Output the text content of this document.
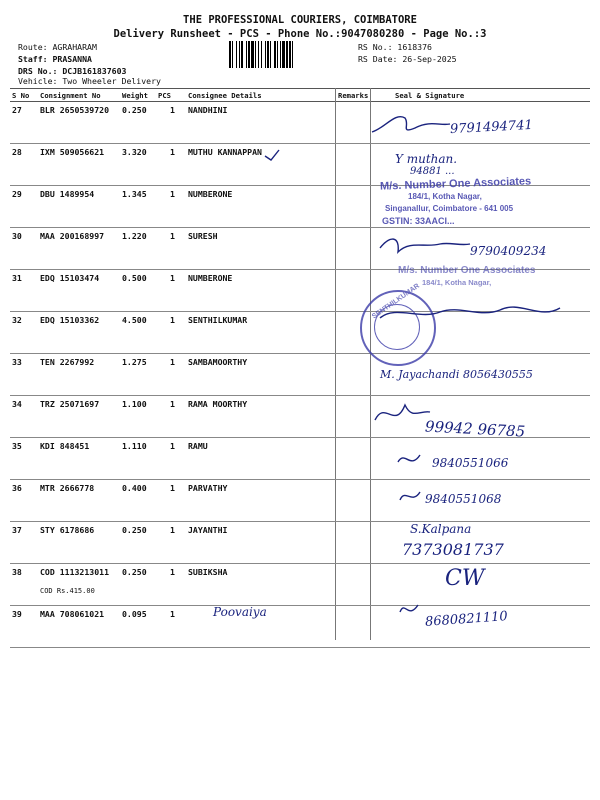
THE PROFESSIONAL COURIERS, COIMBATORE
Delivery Runsheet - PCS - Phone No.:9047080280 - Page No.:3
Route: AGRAHARAM
Staff: PRASANNA
DRS No.: DCJB161837603
Vehicle: Two Wheeler Delivery
RS No.: 1618376
RS Date: 26-Sep-2025
S No Consignment No	Weight PCS Consignee Details	Remarks	Seal & Signature
27 BLR 2650539720 0.250	1 NANDHINI
28 IXM 509056621 3.320	1 MUTHU KANNAPPAN
29 DBU 1489954	1.345	1 NUMBERONE
30 MAA 200168997 1.220	1 SURESH
31 EDQ 15103474	0.500	1 NUMBERONE
32 EDQ 15103362	4.500	1 SENTHILKUMAR
33 TEN 2267992	1.275	1 SAMBAMOORTHY
34 TRZ 25071697	1.100	1 RAMA MOORTHY
35 KDI 848451	1.110	1 RAMU
36 MTR 2666778	0.400	1 PARVATHY
37 STY 6178686	0.250	1 JAYANTHI
38 COD 1113213011 0.250	1 SUBIKSHA
39 MAA 708061021 0.095	1
COD Rs.415.00
M/s. Number One Associates
184/1, Kotha Nagar,
Singanallur, Coimbatore - 641 005
GSTIN: 33AACI...
M/s. Number One Associates
184/1, Kotha Nagar,
SENTHILKUMAR
9791494741
Y muthan.
94881 ...
9790409234
M. Jayachandi 8056430555
99942 96785
9840551066
9840551068
S.Kalpana
7373081737
CW
Poovaiya	8680821110
